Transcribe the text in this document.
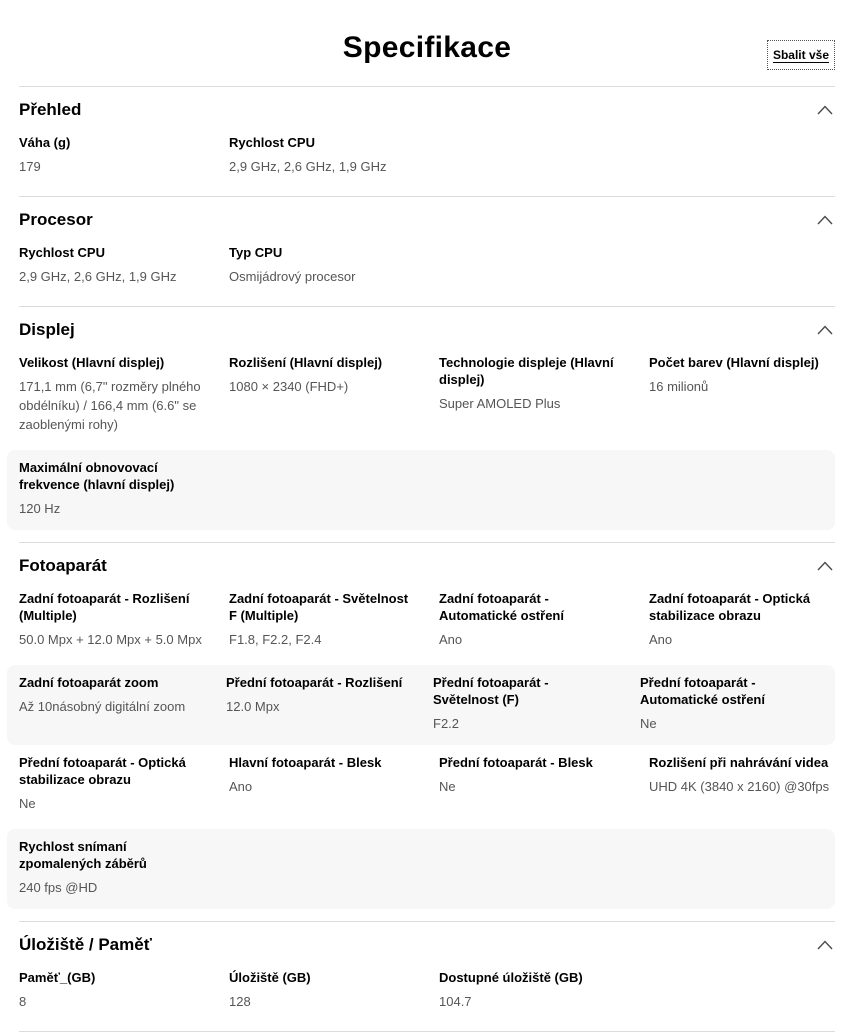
Specifikace	Sbalit vše
Přehled
Váha (g)
179
Rychlost CPU
2,9 GHz, 2,6 GHz, 1,9 GHz
Procesor
Rychlost CPU
2,9 GHz, 2,6 GHz, 1,9 GHz
Typ CPU
Osmijádrový procesor
Displej
Velikost (Hlavní displej)
171,1 mm (6,7" rozměry plného obdélníku) / 166,4 mm (6.6" se zaoblenými rohy)
Rozlišení (Hlavní displej)
1080 × 2340 (FHD+)
Technologie displeje (Hlavní displej)
Super AMOLED Plus
Počet barev (Hlavní displej)
16 milionů
Maximální obnovovací frekvence (hlavní displej)
120 Hz
Fotoaparát
Zadní fotoaparát - Rozlišení (Multiple)
50.0 Mpx + 12.0 Mpx + 5.0 Mpx
Zadní fotoaparát - Světelnost F (Multiple)
F1.8, F2.2, F2.4
Zadní fotoaparát - Automatické ostření
Ano
Zadní fotoaparát - Optická stabilizace obrazu
Ano
Zadní fotoaparát zoom
Až 10násobný digitální zoom
Přední fotoaparát - Rozlišení
12.0 Mpx
Přední fotoaparát - Světelnost (F)
F2.2
Přední fotoaparát - Automatické ostření
Ne
Přední fotoaparát - Optická stabilizace obrazu
Ne
Hlavní fotoaparát - Blesk
Ano
Přední fotoaparát - Blesk
Ne
Rozlišení při nahrávání videa
UHD 4K (3840 x 2160) @30fps
Rychlost snímaní zpomalených záběrů
240 fps @HD
Úložiště / Paměť
Paměť_(GB)
8
Úložiště (GB)
128
Dostupné úložiště (GB)
104.7
